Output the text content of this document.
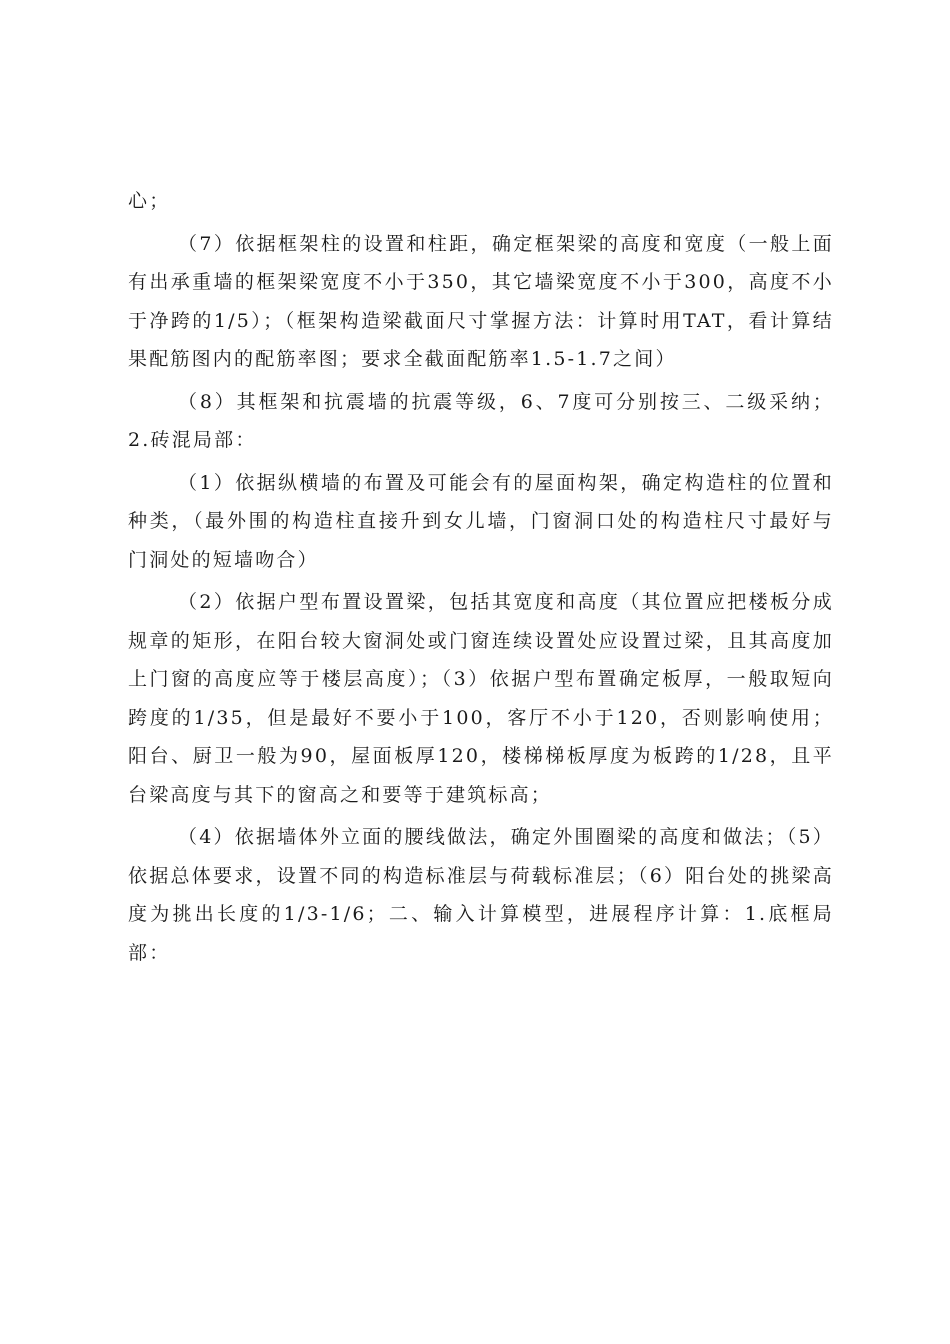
心；

（7）依据框架柱的设置和柱距，确定框架梁的高度和宽度（一般上面有出承重墙的框架梁宽度不小于350，其它墙梁宽度不小于300，高度不小于净跨的1/5）；（框架构造梁截面尺寸掌握方法：计算时用TAT，看计算结果配筋图内的配筋率图；要求全截面配筋率1.5-1.7之间）

（8）其框架和抗震墙的抗震等级，6、7度可分别按三、二级采纳；2.砖混局部：

（1）依据纵横墙的布置及可能会有的屋面构架，确定构造柱的位置和种类，（最外围的构造柱直接升到女儿墙，门窗洞口处的构造柱尺寸最好与门洞处的短墙吻合）

（2）依据户型布置设置梁，包括其宽度和高度（其位置应把楼板分成规章的矩形，在阳台较大窗洞处或门窗连续设置处应设置过梁，且其高度加上门窗的高度应等于楼层高度）；（3）依据户型布置确定板厚，一般取短向跨度的1/35，但是最好不要小于100，客厅不小于120，否则影响使用；阳台、厨卫一般为90，屋面板厚120，楼梯梯板厚度为板跨的1/28，且平台梁高度与其下的窗高之和要等于建筑标高；

（4）依据墙体外立面的腰线做法，确定外围圈梁的高度和做法；（5）依据总体要求，设置不同的构造标准层与荷载标准层；（6）阳台处的挑梁高度为挑出长度的1/3-1/6；二、输入计算模型，进展程序计算：1.底框局部：
